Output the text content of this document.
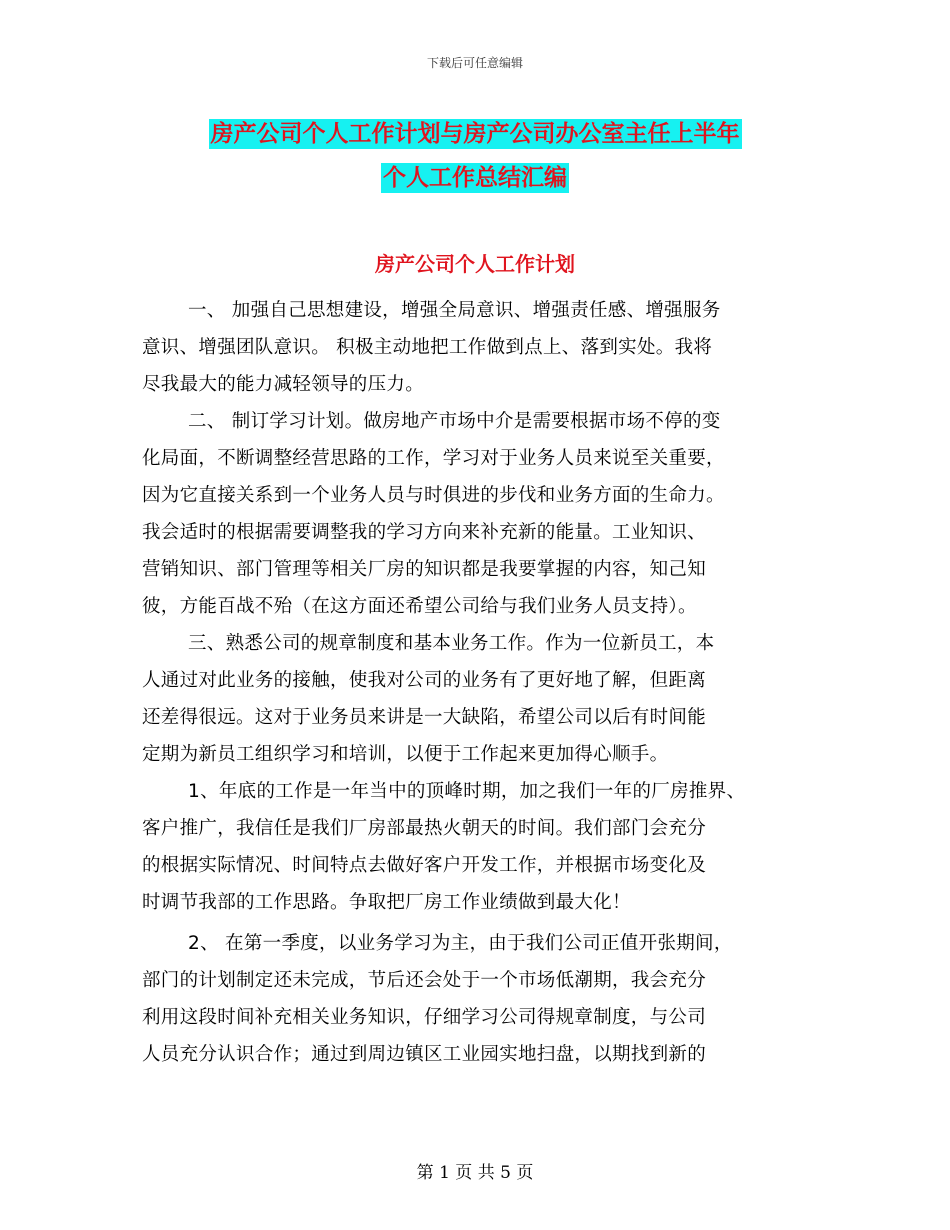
下载后可任意编辑
房产公司个人工作计划与房产公司办公室主任上半年
个人工作总结汇编
房产公司个人工作计划
一、 加强自己思想建设，增强全局意识、增强责任感、增强服务
意识、增强团队意识。 积极主动地把工作做到点上、落到实处。我将
尽我最大的能力减轻领导的压力。
二、 制订学习计划。做房地产市场中介是需要根据市场不停的变
化局面，不断调整经营思路的工作，学习对于业务人员来说至关重要，
因为它直接关系到一个业务人员与时俱进的步伐和业务方面的生命力。
我会适时的根据需要调整我的学习方向来补充新的能量。工业知识、
营销知识、部门管理等相关厂房的知识都是我要掌握的内容，知己知
彼，方能百战不殆（在这方面还希望公司给与我们业务人员支持）。
三、熟悉公司的规章制度和基本业务工作。作为一位新员工，本
人通过对此业务的接触，使我对公司的业务有了更好地了解，但距离
还差得很远。这对于业务员来讲是一大缺陷，希望公司以后有时间能
定期为新员工组织学习和培训，以便于工作起来更加得心顺手。
1、年底的工作是一年当中的顶峰时期，加之我们一年的厂房推界、
客户推广，我信任是我们厂房部最热火朝天的时间。我们部门会充分
的根据实际情况、时间特点去做好客户开发工作，并根据市场变化及
时调节我部的工作思路。争取把厂房工作业绩做到最大化！
2、 在第一季度，以业务学习为主，由于我们公司正值开张期间，
部门的计划制定还未完成，节后还会处于一个市场低潮期，我会充分
利用这段时间补充相关业务知识，仔细学习公司得规章制度，与公司
人员充分认识合作；通过到周边镇区工业园实地扫盘，以期找到新的
第 1 页 共 5 页
